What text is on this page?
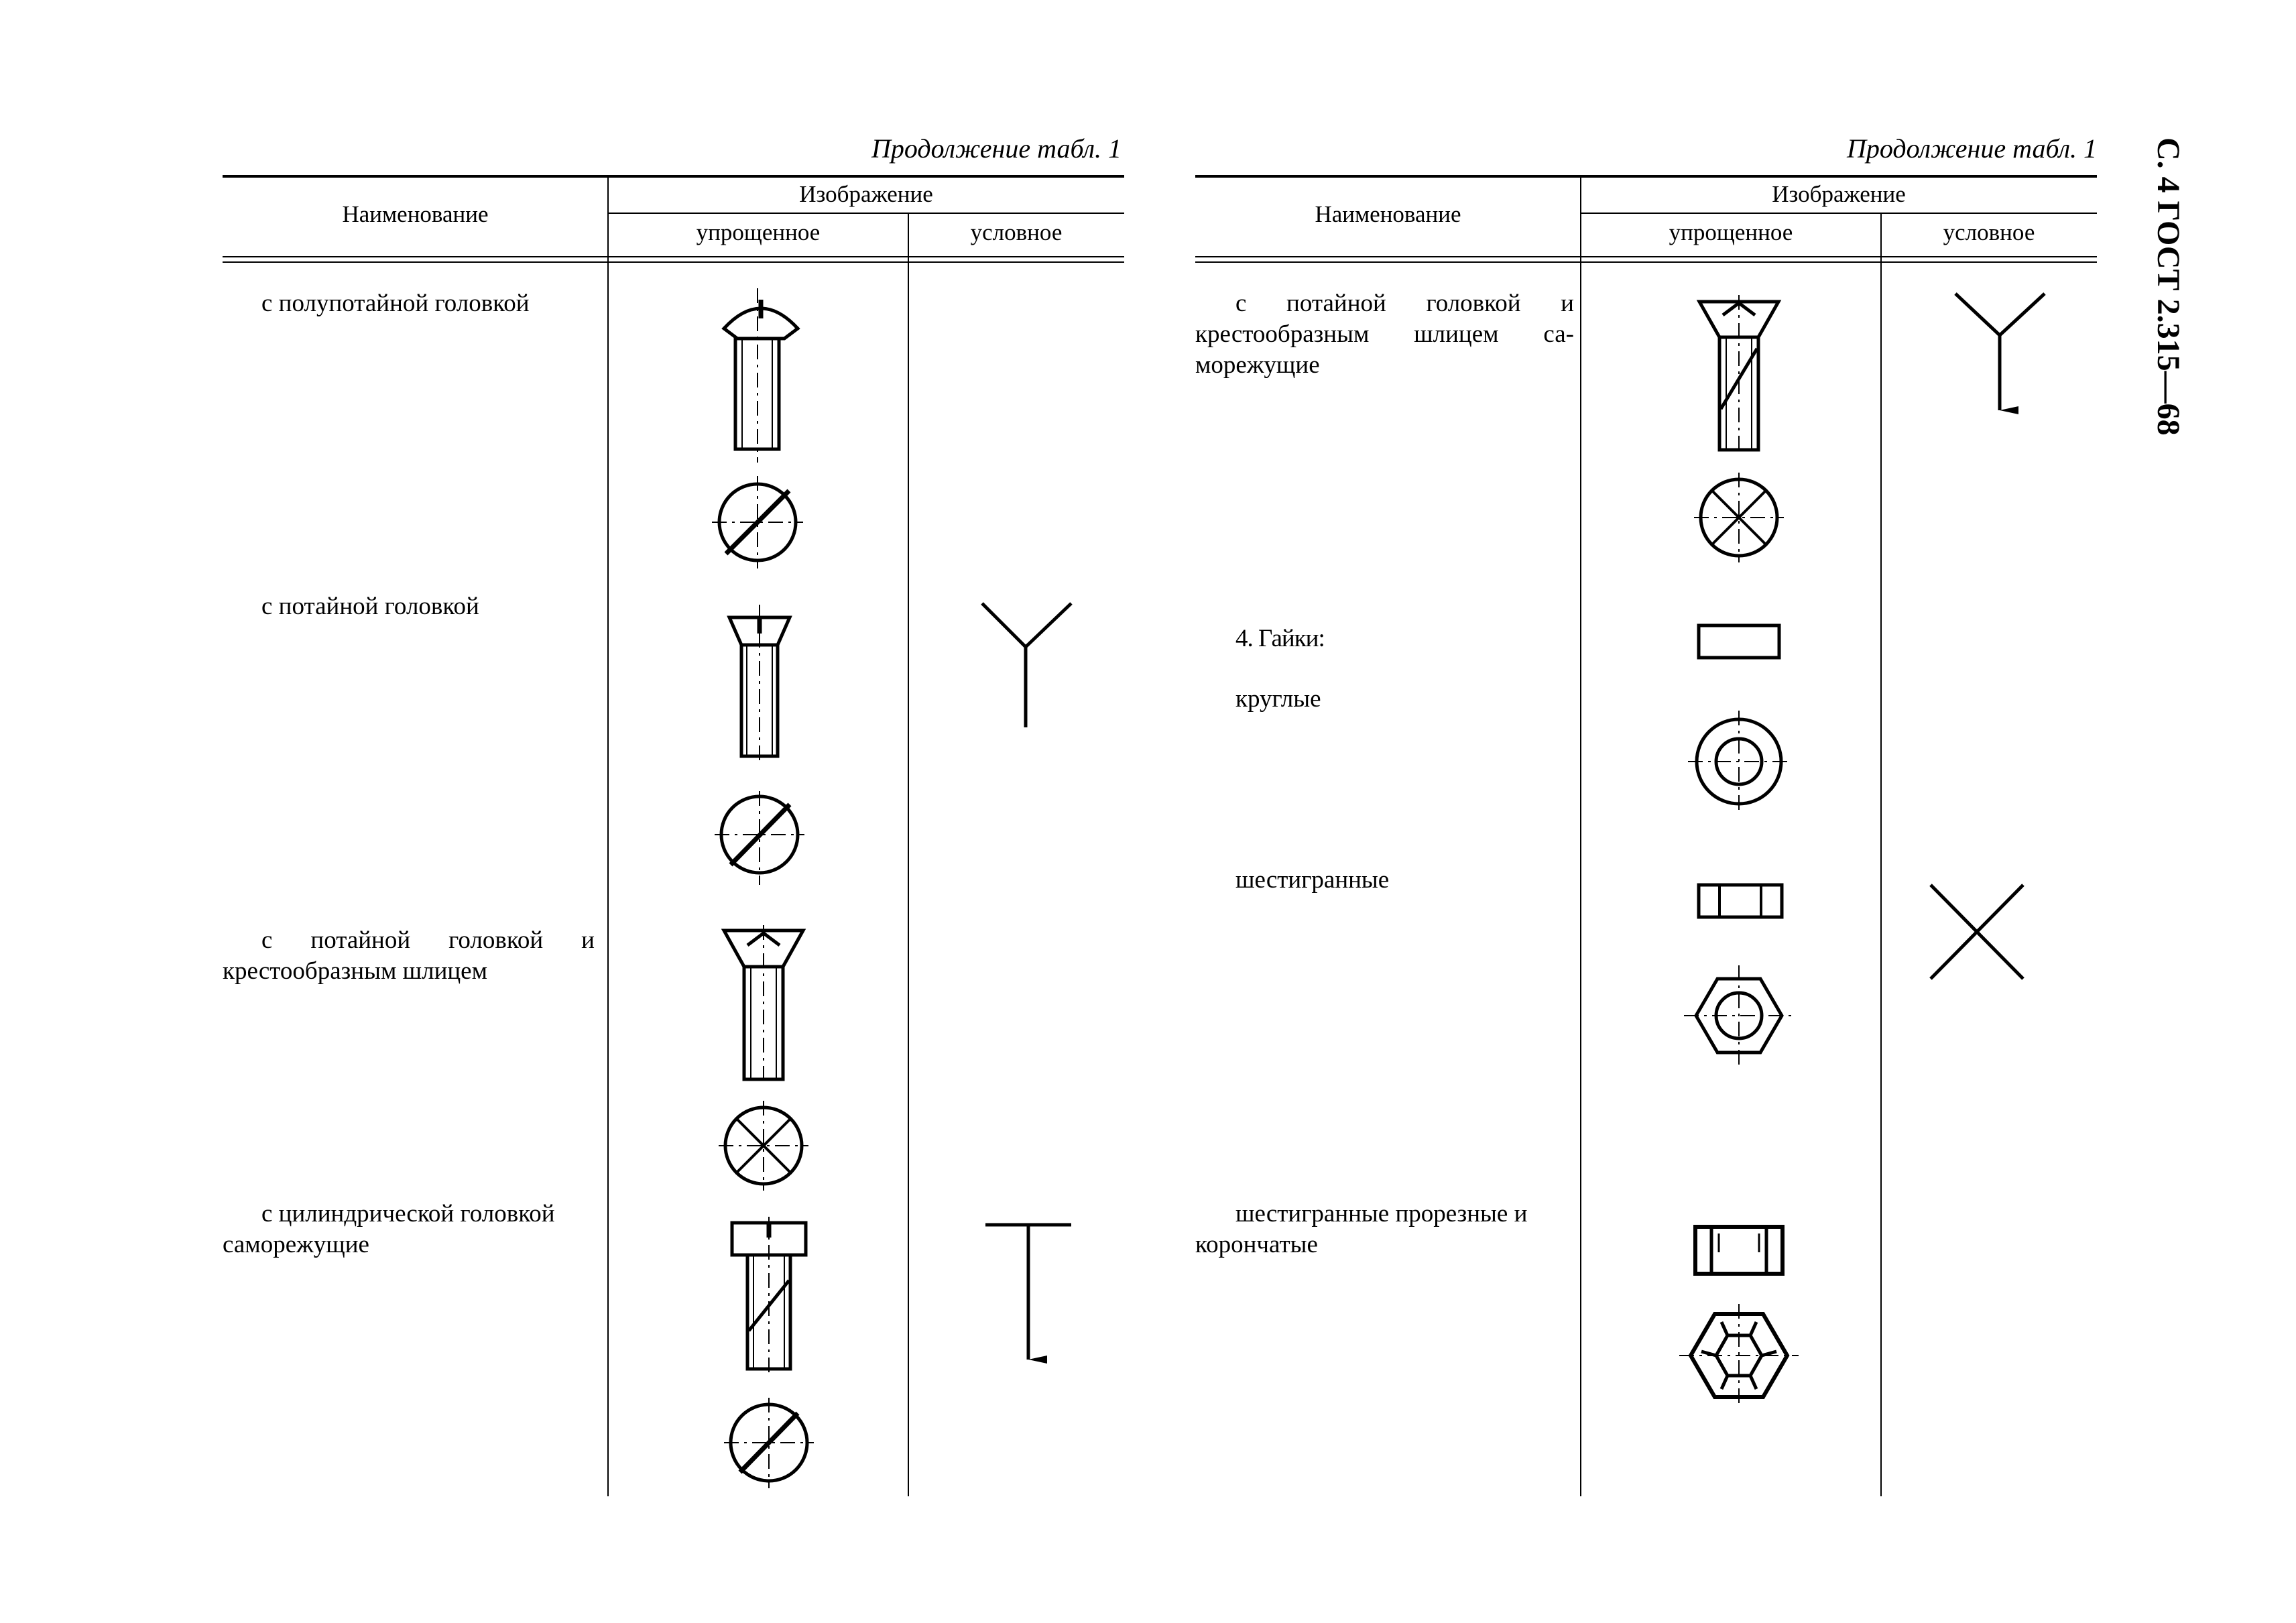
С. 4 ГОСТ 2.315—68
Продолжение табл. 1
Наименование
Изображение
упрощенное	условное
с полупотайной головкой
с потайной головкой
с потайной головкой и
крестообразным шлицем
с цилиндрической головкой
саморежущие
Продолжение табл. 1
Наименование
Изображение
упрощенное	условное
с потайной головкой и
крестообразным шлицем са-
морежущие
4. Гайки:
круглые
шестигранные
шестигранные прорезные и
корончатые
